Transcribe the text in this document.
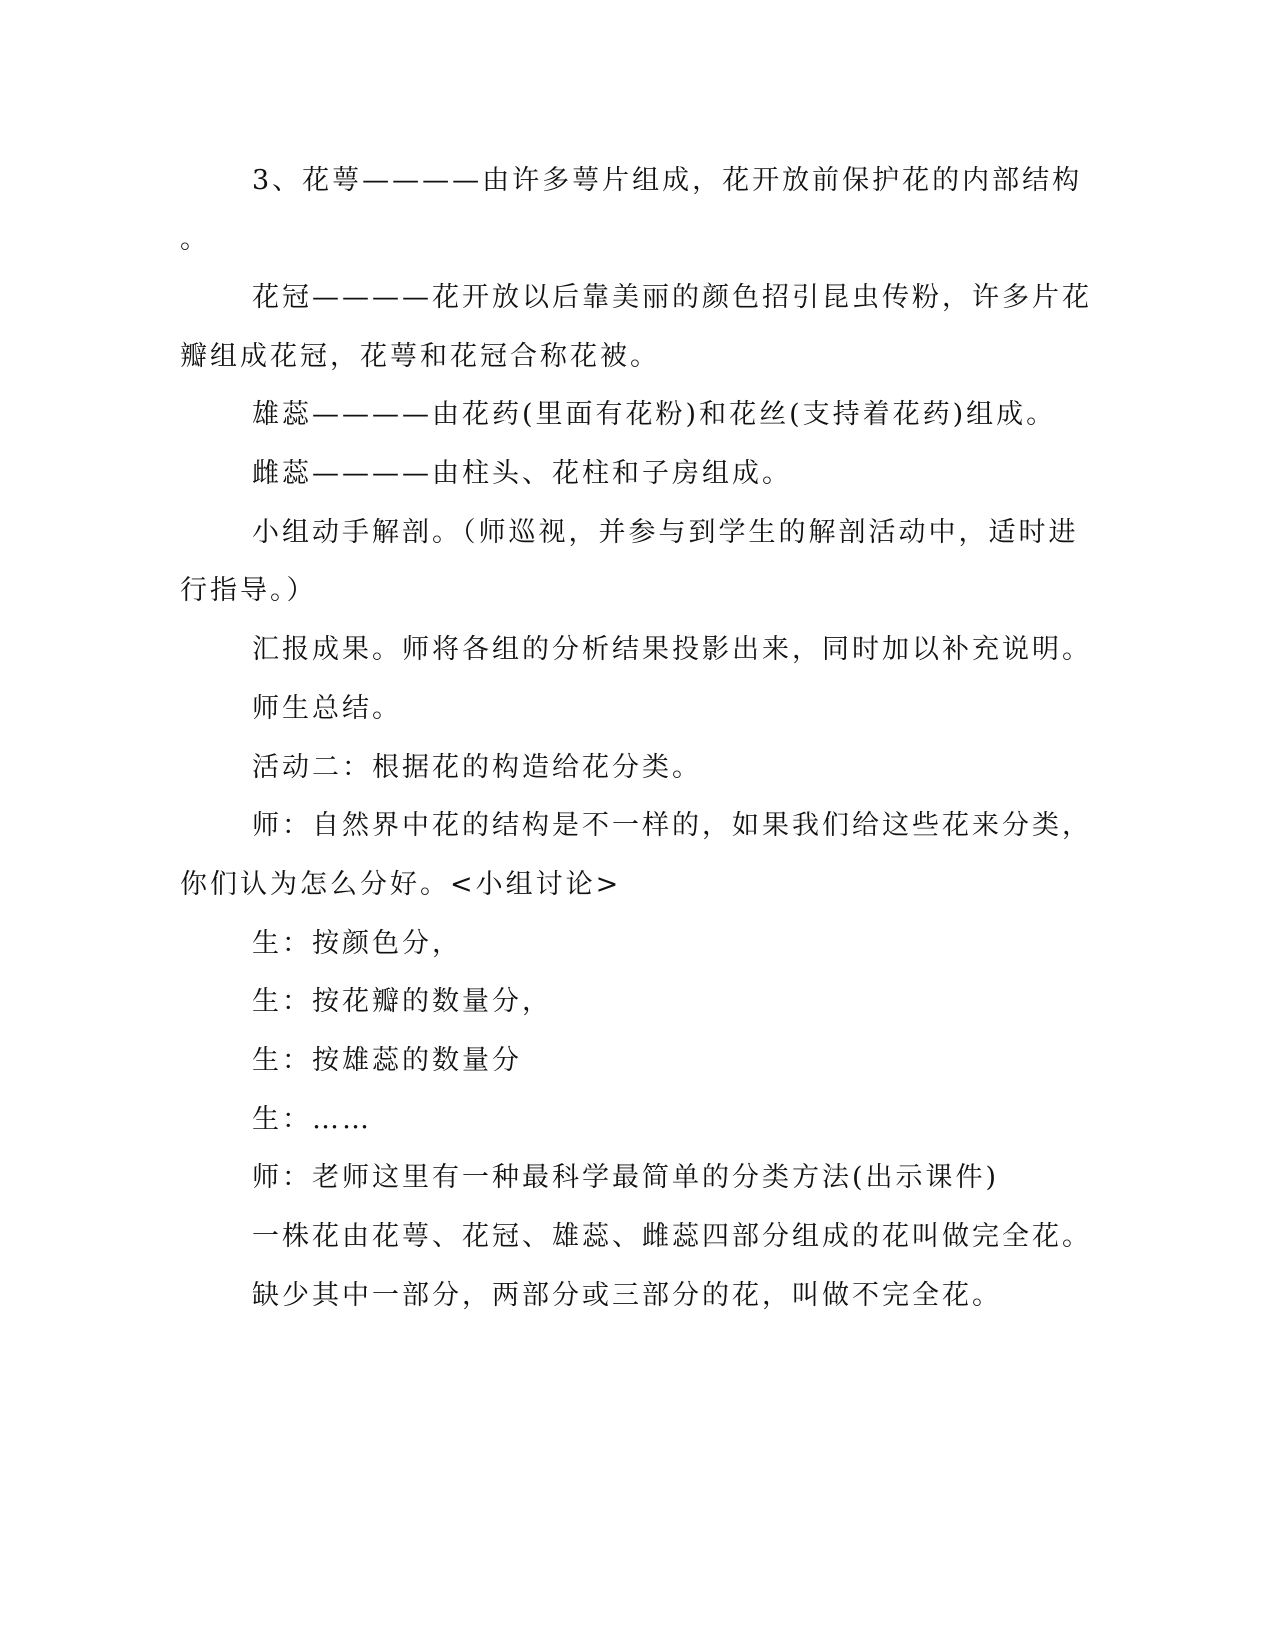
3、花萼————由许多萼片组成，花开放前保护花的内部结构

。

花冠————花开放以后靠美丽的颜色招引昆虫传粉，许多片花

瓣组成花冠，花萼和花冠合称花被。

雄蕊————由花药(里面有花粉)和花丝(支持着花药)组成。

雌蕊————由柱头、花柱和子房组成。

小组动手解剖。（师巡视，并参与到学生的解剖活动中，适时进

行指导。）

汇报成果。师将各组的分析结果投影出来，同时加以补充说明。

师生总结。

活动二：根据花的构造给花分类。

师：自然界中花的结构是不一样的，如果我们给这些花来分类，

你们认为怎么分好。<小组讨论>

生：按颜色分，

生：按花瓣的数量分，

生：按雄蕊的数量分

生：……

师：老师这里有一种最科学最简单的分类方法(出示课件)

一株花由花萼、花冠、雄蕊、雌蕊四部分组成的花叫做完全花。

缺少其中一部分，两部分或三部分的花，叫做不完全花。
